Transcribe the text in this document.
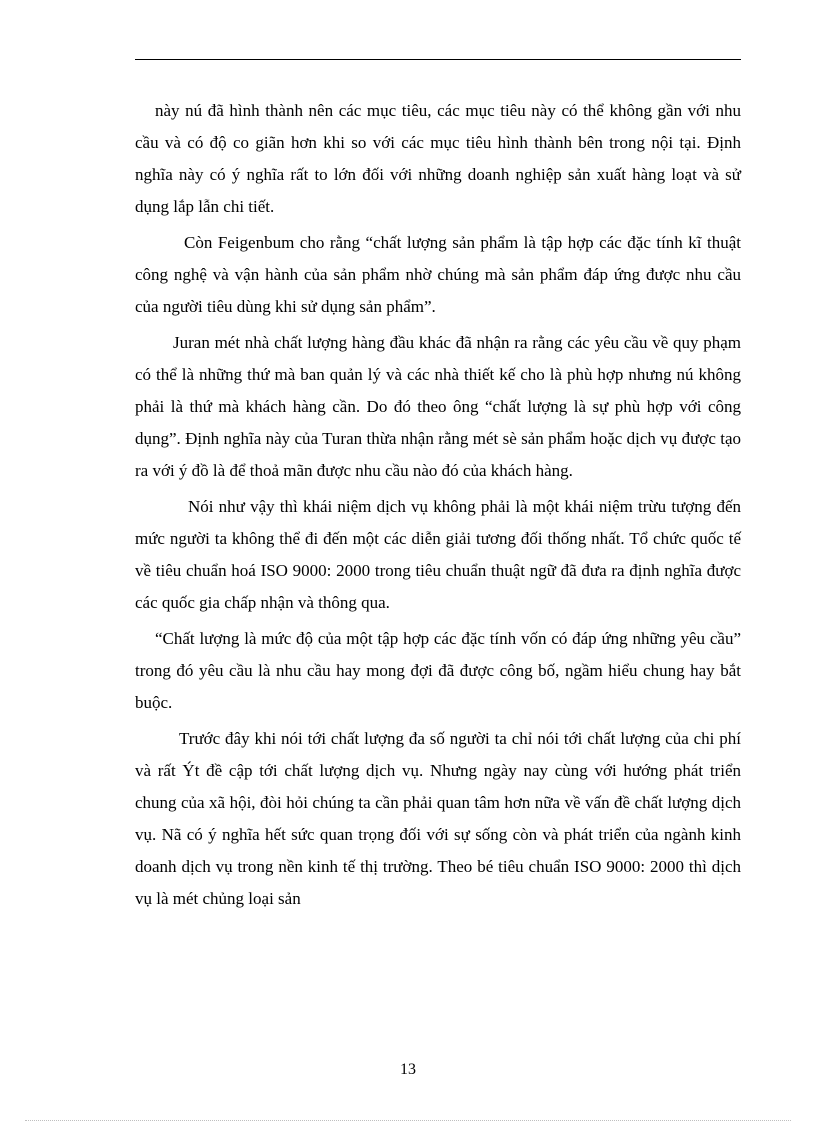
này nú đã hình thành nên các mục tiêu, các mục tiêu này có thể không gần với nhu cầu và có độ co giãn hơn khi so với các mục tiêu hình thành bên trong nội tại. Định nghĩa này có ý nghĩa rất to lớn đối với những doanh nghiệp sản xuất hàng loạt và sử dụng lắp lẫn chi tiết.

Còn Feigenbum cho rằng “chất lượng sản phẩm là tập hợp các đặc tính kĩ thuật công nghệ và vận hành của sản phẩm nhờ chúng mà sản phẩm đáp ứng được nhu cầu của người tiêu dùng khi sử dụng sản phẩm”.

Juran mét nhà chất lượng hàng đầu khác đã nhận ra rằng các yêu cầu về quy phạm có thể là những thứ mà ban quản lý và các nhà thiết kế cho là phù hợp nhưng nú không phải là thứ mà khách hàng cần. Do đó theo ông “chất lượng là sự phù hợp với công dụng”. Định nghĩa này của Turan thừa nhận rằng mét sè sản phẩm hoặc dịch vụ được tạo ra với ý đồ là để thoả mãn được nhu cầu nào đó của khách hàng.

Nói như vậy thì khái niệm dịch vụ không phải là một khái niệm trừu tượng đến mức người ta không thể đi đến một các diễn giải tương đối thống nhất. Tổ chức quốc tế về tiêu chuẩn hoá ISO 9000: 2000 trong tiêu chuẩn thuật ngữ đã đưa ra định nghĩa được các quốc gia chấp nhận và thông qua.

“Chất lượng là mức độ của một tập hợp các đặc tính vốn có đáp ứng những yêu cầu” trong đó yêu cầu là nhu cầu hay mong đợi đã được công bố, ngầm hiểu chung hay bắt buộc.

Trước đây khi nói tới chất lượng đa số người ta chỉ nói tới chất lượng của chi phí và rất Ýt đề cập tới chất lượng dịch vụ. Nhưng ngày nay cùng với hướng phát triển chung của xã hội, đòi hỏi chúng ta cần phải quan tâm hơn nữa về vấn đề chất lượng dịch vụ. Nã có ý nghĩa hết sức quan trọng đối với sự sống còn và phát triển của ngành kinh doanh dịch vụ trong nền kinh tế thị trường. Theo bé tiêu chuẩn ISO 9000: 2000 thì dịch vụ là mét chủng loại sản

13
